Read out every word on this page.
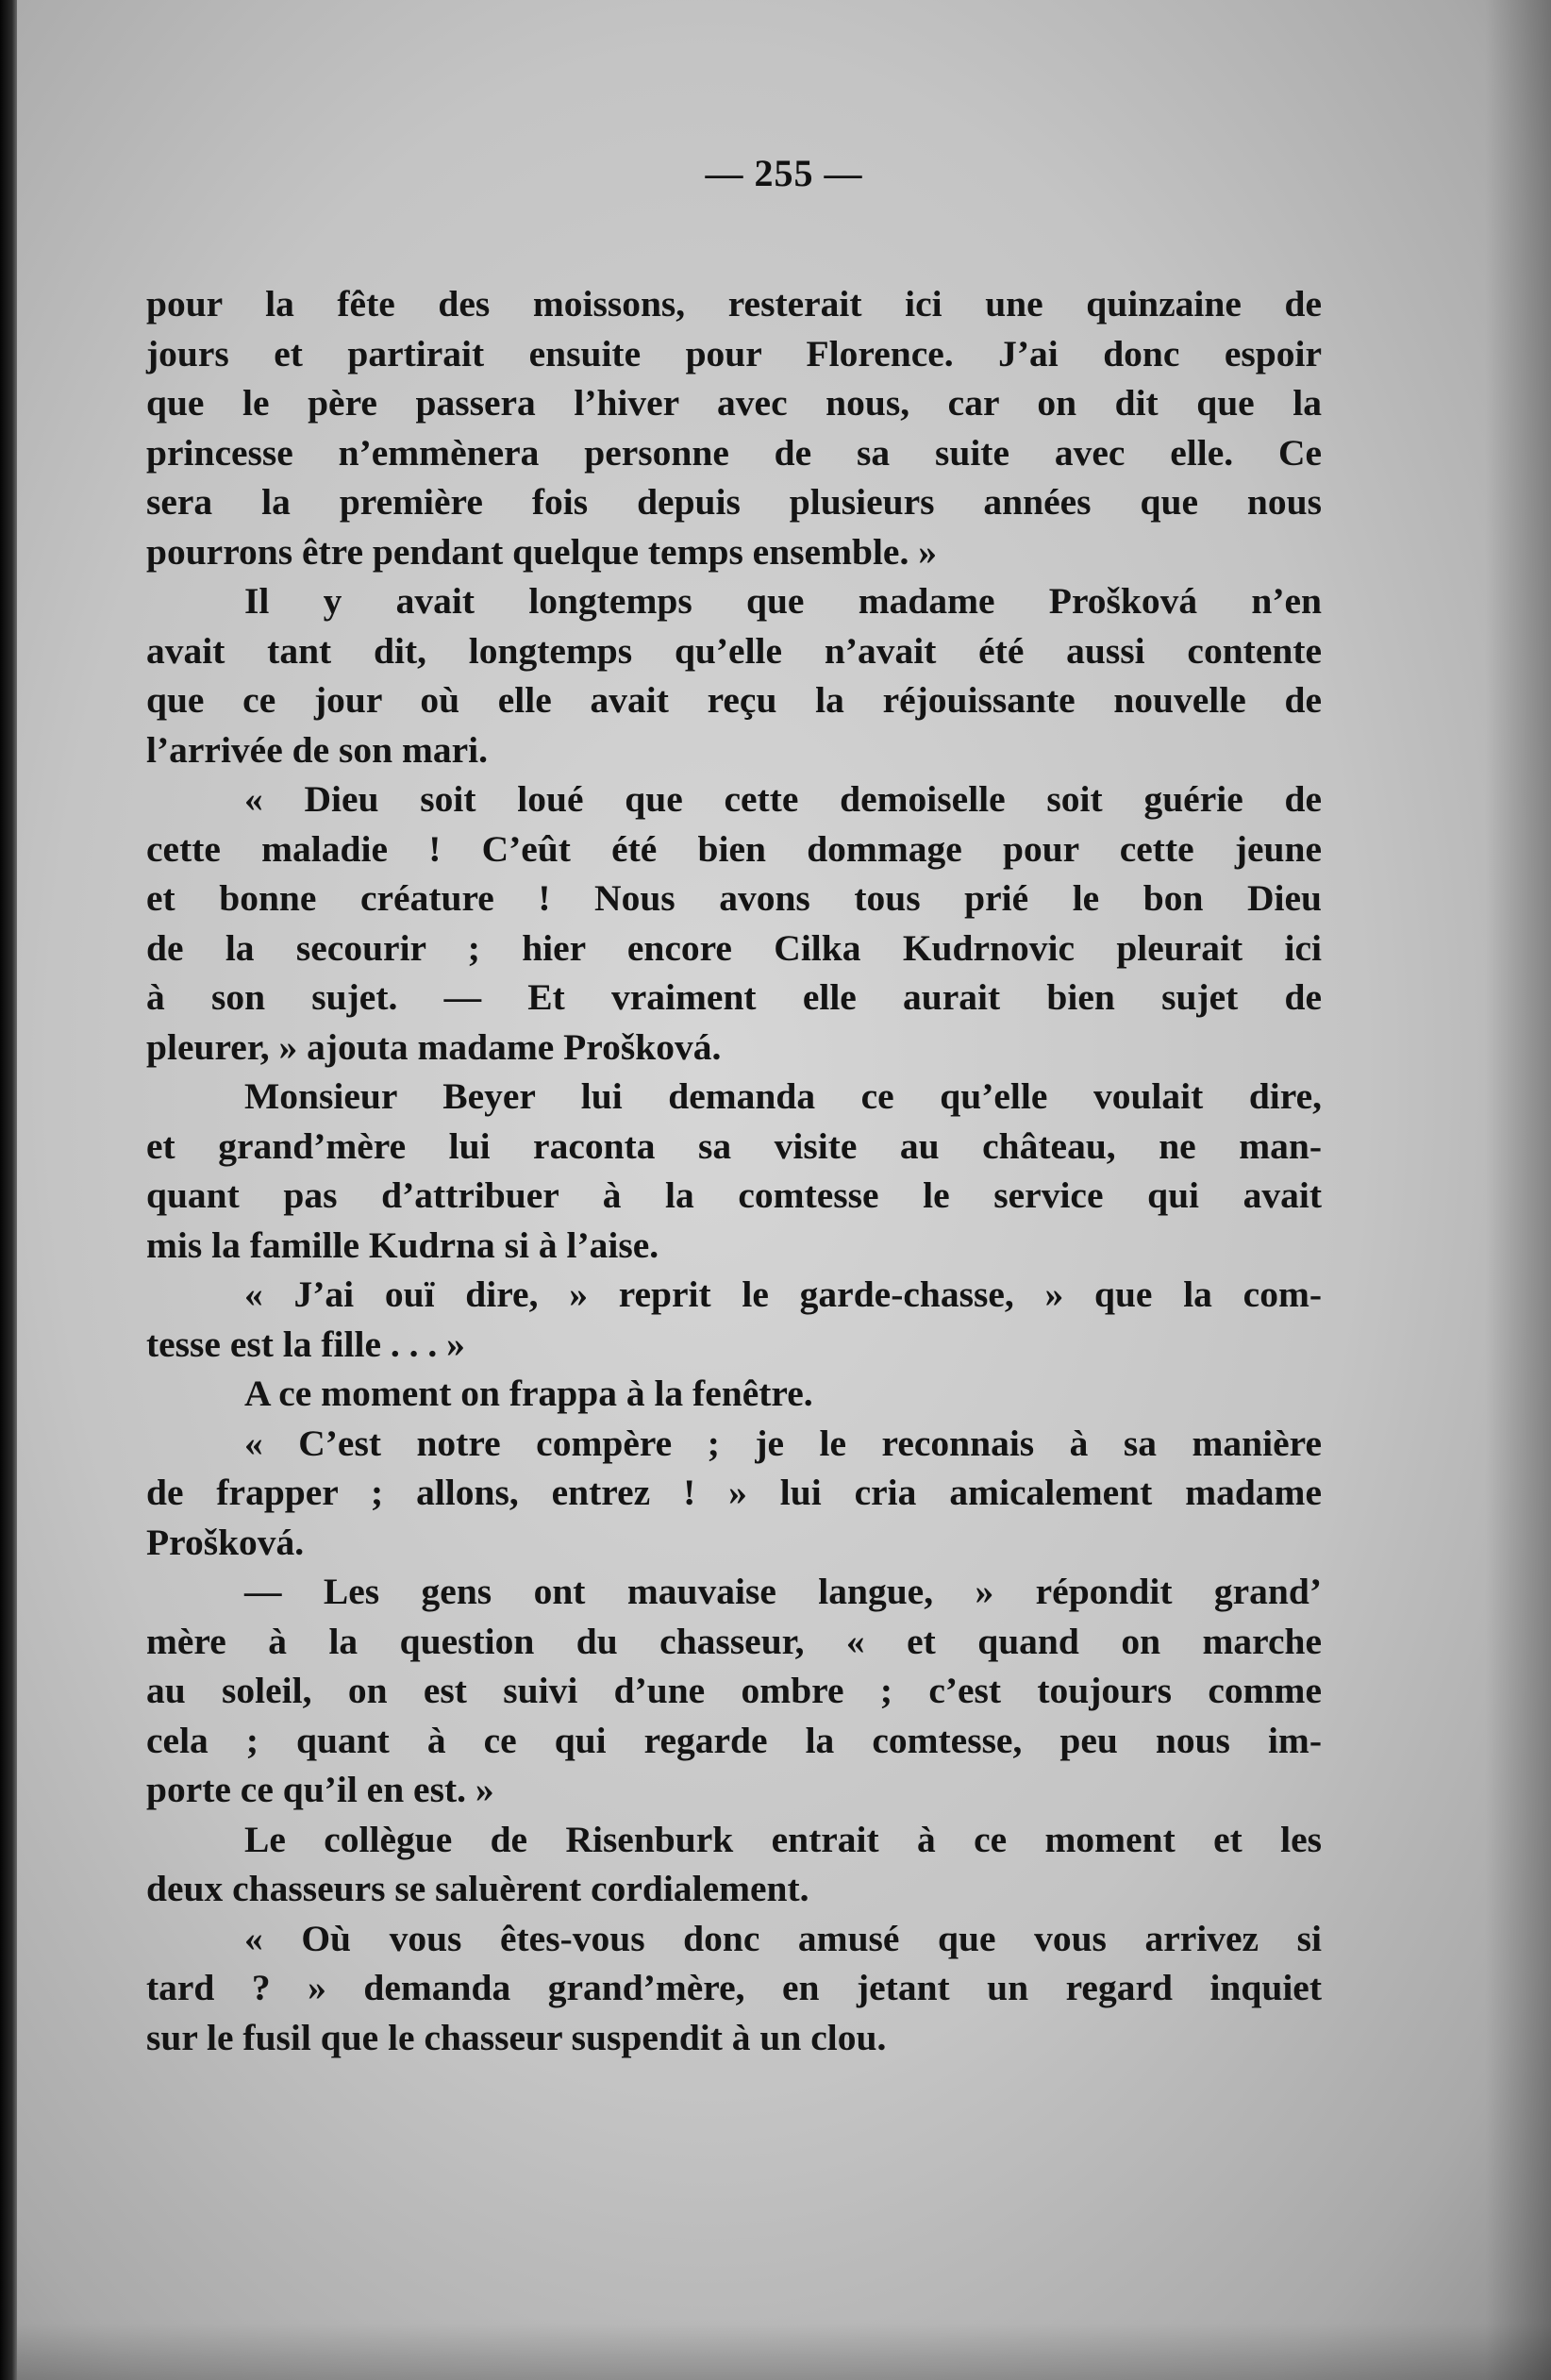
— 255 —
pour la fête des moissons, resterait ici une quinzaine de
jours et partirait ensuite pour Florence. J’ai donc espoir
que le père passera l’hiver avec nous, car on dit que la
princesse n’emmènera personne de sa suite avec elle. Ce
sera la première fois depuis plusieurs années que nous
pourrons être pendant quelque temps ensemble. »
Il y avait longtemps que madame Prošková n’en
avait tant dit, longtemps qu’elle n’avait été aussi contente
que ce jour où elle avait reçu la réjouissante nouvelle de
l’arrivée de son mari.
« Dieu soit loué que cette demoiselle soit guérie de
cette maladie ! C’eût été bien dommage pour cette jeune
et bonne créature ! Nous avons tous prié le bon Dieu
de la secourir ; hier encore Cilka Kudrnovic pleurait ici
à son sujet. — Et vraiment elle aurait bien sujet de
pleurer, » ajouta madame Prošková.
Monsieur Beyer lui demanda ce qu’elle voulait dire,
et grand’mère lui raconta sa visite au château, ne man-
quant pas d’attribuer à la comtesse le service qui avait
mis la famille Kudrna si à l’aise.
« J’ai ouï dire, » reprit le garde-chasse, » que la com-
tesse est la fille . . . »
A ce moment on frappa à la fenêtre.
« C’est notre compère ; je le reconnais à sa manière
de frapper ; allons, entrez ! » lui cria amicalement madame
Prošková.
— Les gens ont mauvaise langue, » répondit grand’
mère à la question du chasseur, « et quand on marche
au soleil, on est suivi d’une ombre ; c’est toujours comme
cela ; quant à ce qui regarde la comtesse, peu nous im-
porte ce qu’il en est. »
Le collègue de Risenburk entrait à ce moment et les
deux chasseurs se saluèrent cordialement.
« Où vous êtes-vous donc amusé que vous arrivez si
tard ? » demanda grand’mère, en jetant un regard inquiet
sur le fusil que le chasseur suspendit à un clou.
